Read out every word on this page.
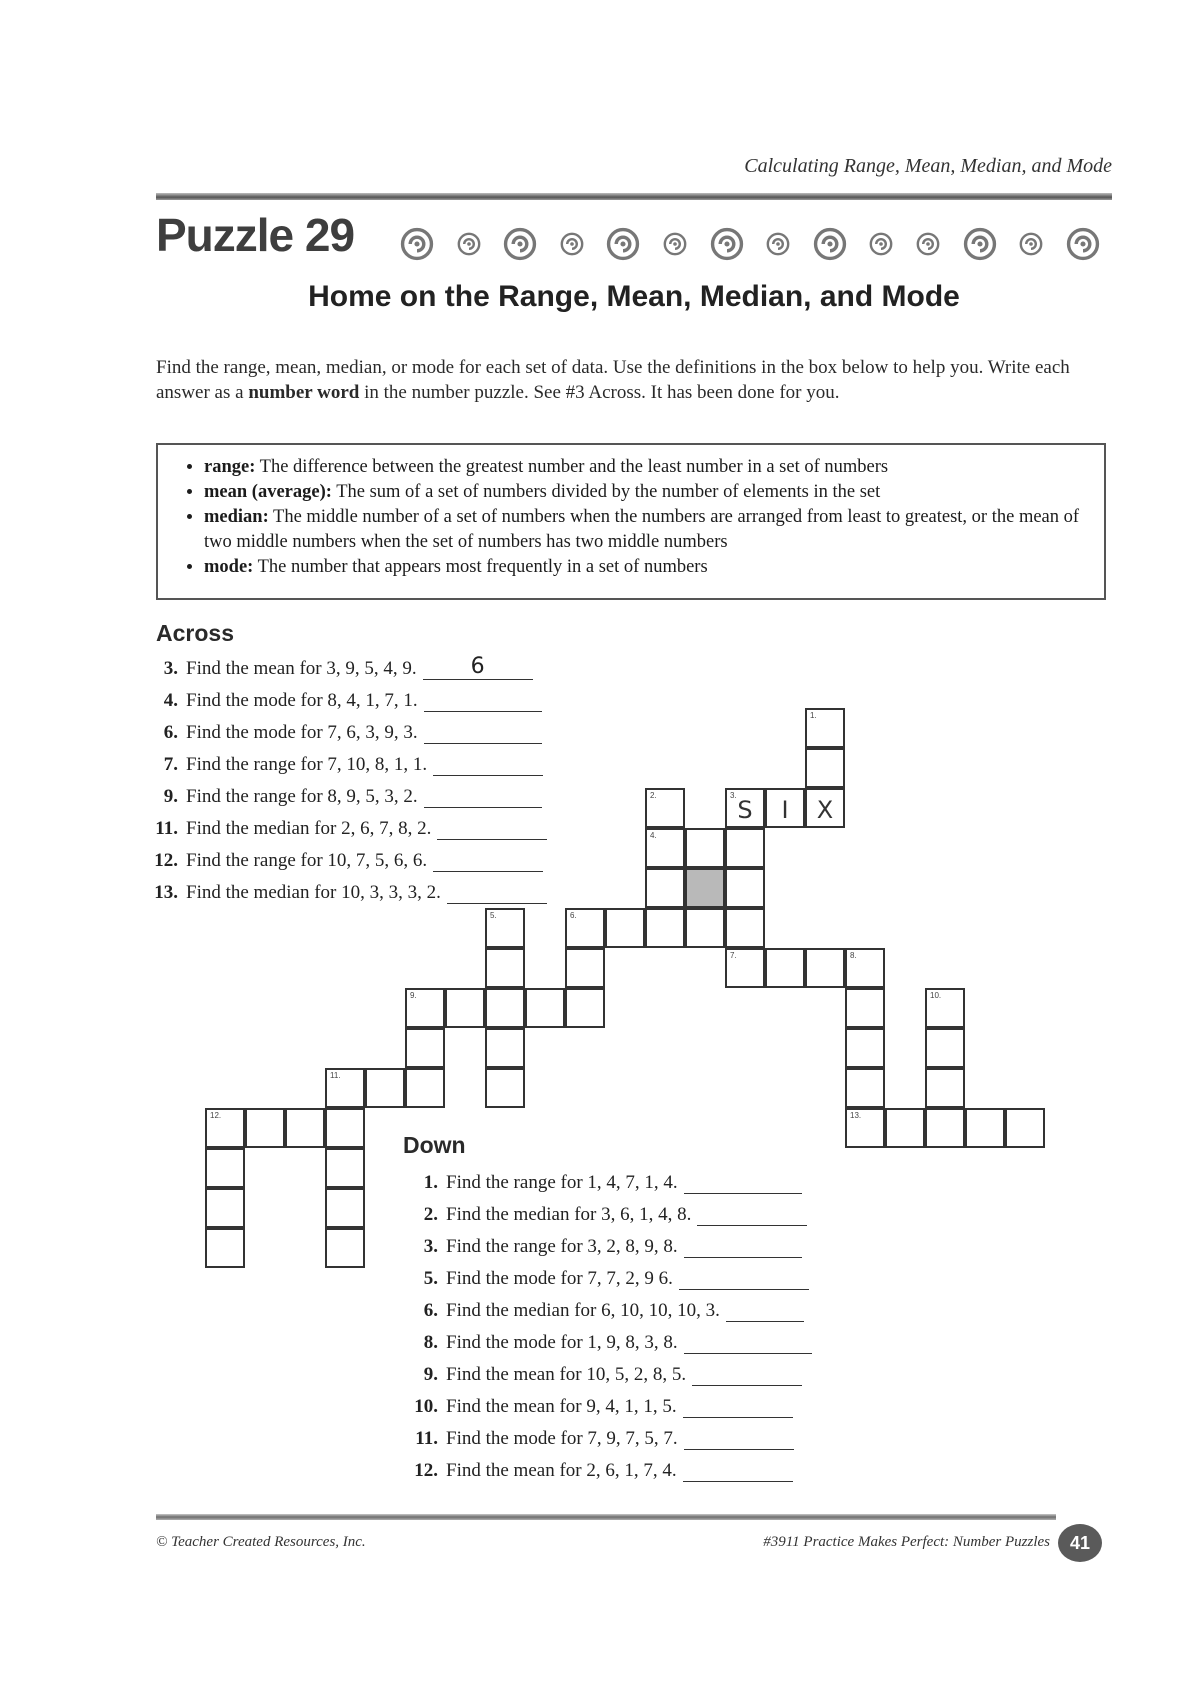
Calculating Range, Mean, Median, and Mode
Puzzle 29
Home on the Range, Mean, Median, and Mode
Find the range, mean, median, or mode for each set of data. Use the definitions in the box below to help you. Write each answer as a number word in the number puzzle. See #3 Across. It has been done for you.
• range: The difference between the greatest number and the least number in a set of numbers
• mean (average): The sum of a set of numbers divided by the number of elements in the set
• median: The middle number of a set of numbers when the numbers are arranged from least to greatest, or the mean of two middle numbers when the set of numbers has two middle numbers
• mode: The number that appears most frequently in a set of numbers
Across
3. Find the mean for 3, 9, 5, 4, 9.	6
4. Find the mode for 8, 4, 1, 7, 1.
6. Find the mode for 7, 6, 3, 9, 3.
7. Find the range for 7, 10, 8, 1, 1.
9. Find the range for 8, 9, 5, 3, 2.
11. Find the median for 2, 6, 7, 8, 2.
12. Find the range for 10, 7, 5, 6, 6.
13. Find the median for 10, 3, 3, 3, 2.
1.
2.	3.
S	I	X
4.
5.	6.
7.	8.
9.	10.
11.
12.	13.
Down
1. Find the range for 1, 4, 7, 1, 4.
2. Find the median for 3, 6, 1, 4, 8.
3. Find the range for 3, 2, 8, 9, 8.
5. Find the mode for 7, 7, 2, 9 6.
6. Find the median for 6, 10, 10, 10, 3.
8. Find the mode for 1, 9, 8, 3, 8.
9. Find the mean for 10, 5, 2, 8, 5.
10. Find the mean for 9, 4, 1, 1, 5.
11. Find the mode for 7, 9, 7, 5, 7.
12. Find the mean for 2, 6, 1, 7, 4.
© Teacher Created Resources, Inc.	#3911 Practice Makes Perfect: Number Puzzles	41
